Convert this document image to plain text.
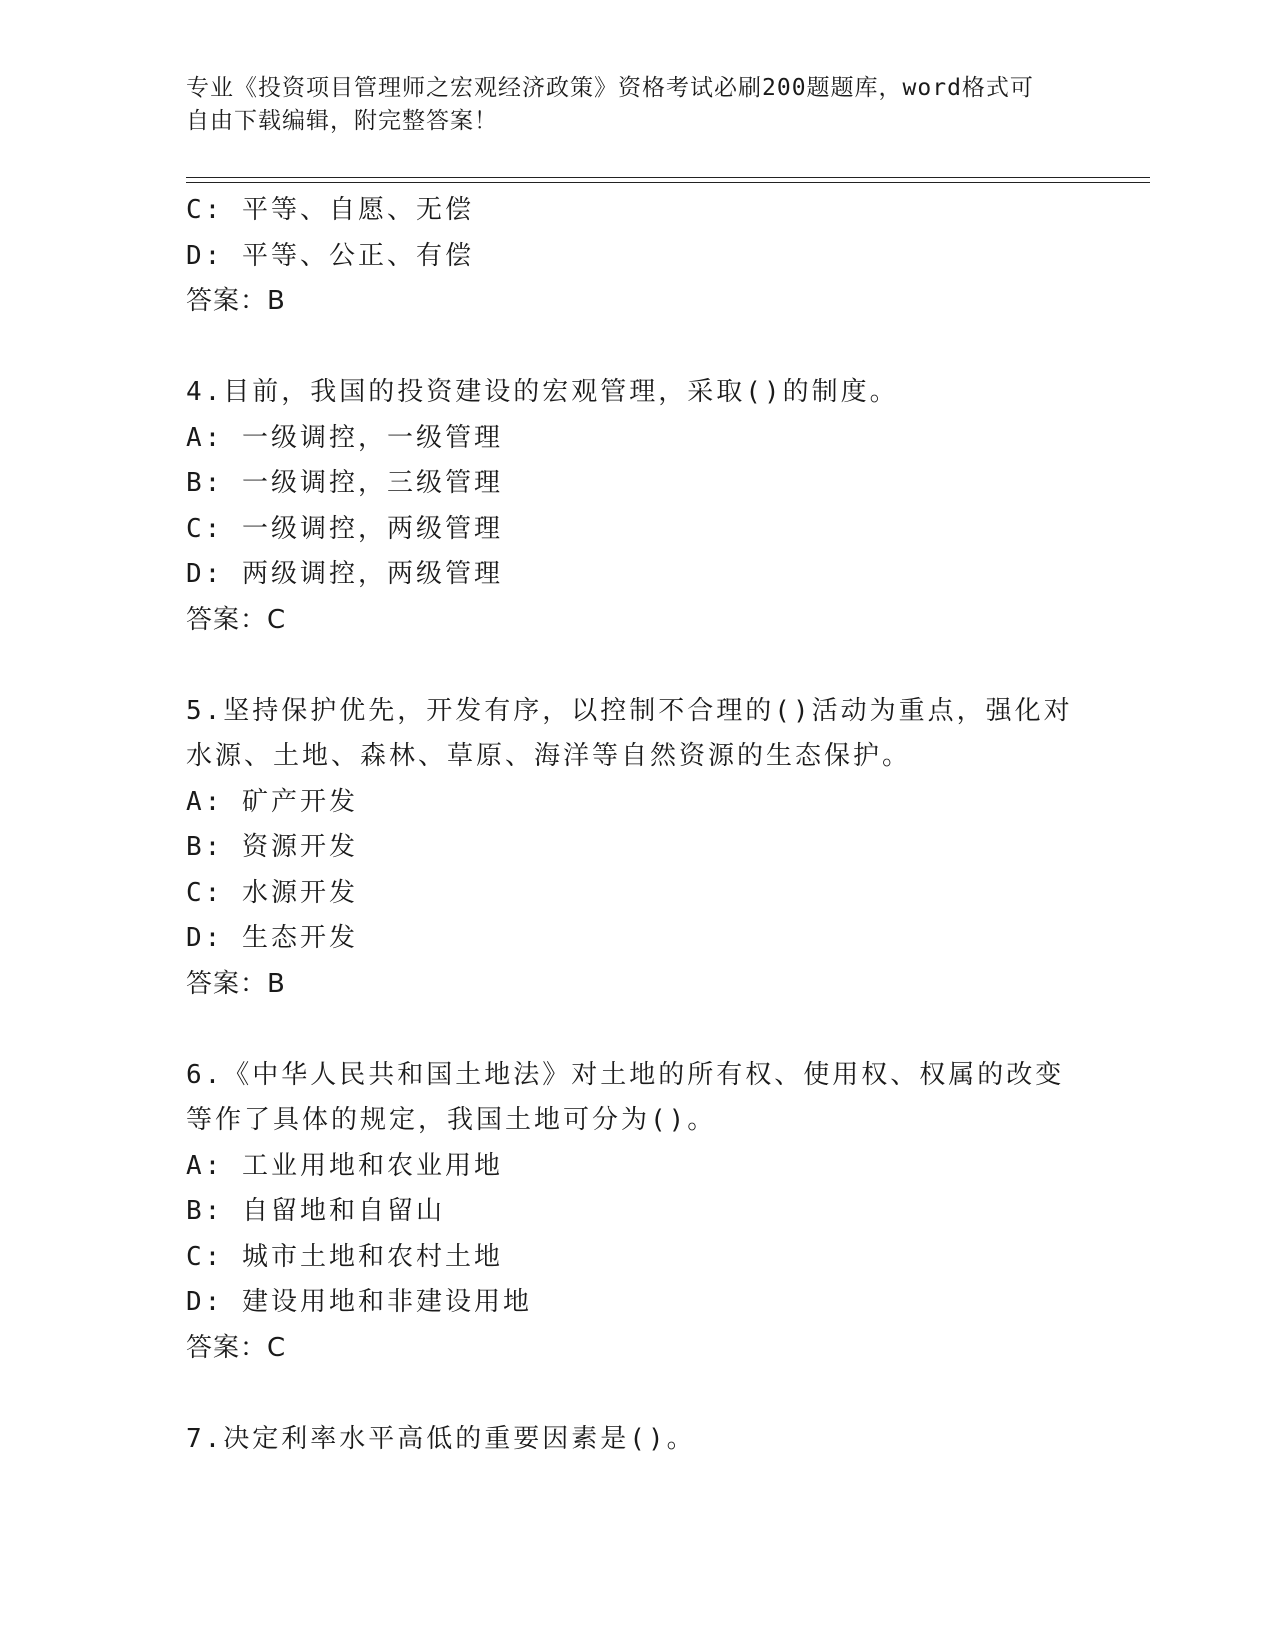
专业《投资项目管理师之宏观经济政策》资格考试必刷200题题库，word格式可
自由下载编辑，附完整答案！
C: 平等、自愿、无偿
D: 平等、公正、有偿
答案：B
4.目前，我国的投资建设的宏观管理，采取()的制度。
A: 一级调控，一级管理
B: 一级调控，三级管理
C: 一级调控，两级管理
D: 两级调控，两级管理
答案：C
5.坚持保护优先，开发有序，以控制不合理的()活动为重点，强化对
水源、土地、森林、草原、海洋等自然资源的生态保护。
A: 矿产开发
B: 资源开发
C: 水源开发
D: 生态开发
答案：B
6.《中华人民共和国土地法》对土地的所有权、使用权、权属的改变
等作了具体的规定，我国土地可分为()。
A: 工业用地和农业用地
B: 自留地和自留山
C: 城市土地和农村土地
D: 建设用地和非建设用地
答案：C
7.决定利率水平高低的重要因素是()。
